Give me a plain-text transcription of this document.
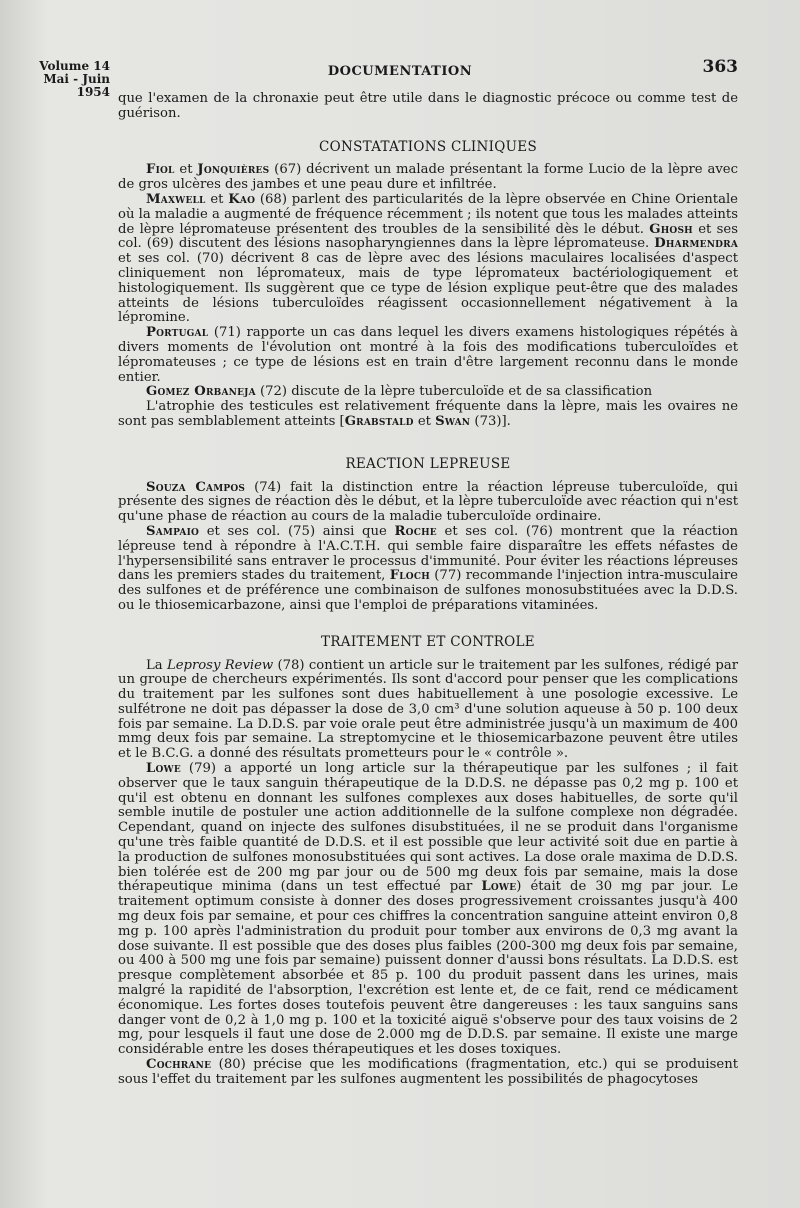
Volume 14
Mai - Juin 1954
DOCUMENTATION	363

que l'examen de la chronaxie peut être utile dans le diagnostic précoce ou comme test de guérison.

CONSTATATIONS CLINIQUES

Fiol et Jonquières (67) décrivent un malade présentant la forme Lucio de la lèpre avec de gros ulcères des jambes et une peau dure et infiltrée.

Maxwell et Kao (68) parlent des particularités de la lèpre observée en Chine Orientale où la maladie a augmenté de fréquence récemment ; ils notent que tous les malades atteints de lèpre lépromateuse présentent des troubles de la sensibilité dès le début. Ghosh et ses col. (69) discutent des lésions nasopharyngiennes dans la lèpre lépromateuse. Dharmendra et ses col. (70) décrivent 8 cas de lèpre avec des lésions maculaires localisées d'aspect cliniquement non lépromateux, mais de type lépromateux bactériologiquement et histologiquement. Ils suggèrent que ce type de lésion explique peut-être que des malades atteints de lésions tuberculoïdes réagissent occasionnellement négativement à la lépromine.

Portugal (71) rapporte un cas dans lequel les divers examens histologiques répétés à divers moments de l'évolution ont montré à la fois des modifications tuberculoïdes et lépromateuses ; ce type de lésions est en train d'être largement reconnu dans le monde entier.

Gomez Orbaneja (72) discute de la lèpre tuberculoïde et de sa classification

L'atrophie des testicules est relativement fréquente dans la lèpre, mais les ovaires ne sont pas semblablement atteints [Grabstald et Swan (73)].

REACTION LEPREUSE

Souza Campos (74) fait la distinction entre la réaction lépreuse tuberculoïde, qui présente des signes de réaction dès le début, et la lèpre tuberculoïde avec réaction qui n'est qu'une phase de réaction au cours de la maladie tuberculoïde ordinaire.

Sampaio et ses col. (75) ainsi que Roche et ses col. (76) montrent que la réaction lépreuse tend à répondre à l'A.C.T.H. qui semble faire disparaître les effets néfastes de l'hypersensibilité sans entraver le processus d'immunité. Pour éviter les réactions lépreuses dans les premiers stades du traitement, Floch (77) recommande l'injection intra-musculaire des sulfones et de préférence une combinaison de sulfones monosubstituées avec la D.D.S. ou le thiosemicarbazone, ainsi que l'emploi de préparations vitaminées.

TRAITEMENT ET CONTROLE

La Leprosy Review (78) contient un article sur le traitement par les sulfones, rédigé par un groupe de chercheurs expérimentés. Ils sont d'accord pour penser que les complications du traitement par les sulfones sont dues habituellement à une posologie excessive. Le sulfétrone ne doit pas dépasser la dose de 3,0 cm³ d'une solution aqueuse à 50 p. 100 deux fois par semaine. La D.D.S. par voie orale peut être administrée jusqu'à un maximum de 400 mmg deux fois par semaine. La streptomycine et le thiosemicarbazone peuvent être utiles et le B.C.G. a donné des résultats prometteurs pour le « contrôle ».

Lowe (79) a apporté un long article sur la thérapeutique par les sulfones ; il fait observer que le taux sanguin thérapeutique de la D.D.S. ne dépasse pas 0,2 mg p. 100 et qu'il est obtenu en donnant les sulfones complexes aux doses habituelles, de sorte qu'il semble inutile de postuler une action additionnelle de la sulfone complexe non dégradée. Cependant, quand on injecte des sulfones disubstituées, il ne se produit dans l'organisme qu'une très faible quantité de D.D.S. et il est possible que leur activité soit due en partie à la production de sulfones monosubstituées qui sont actives. La dose orale maxima de D.D.S. bien tolérée est de 200 mg par jour ou de 500 mg deux fois par semaine, mais la dose thérapeutique minima (dans un test effectué par Lowe) était de 30 mg par jour. Le traitement optimum consiste à donner des doses progressivement croissantes jusqu'à 400 mg deux fois par semaine, et pour ces chiffres la concentration sanguine atteint environ 0,8 mg p. 100 après l'administration du produit pour tomber aux environs de 0,3 mg avant la dose suivante. Il est possible que des doses plus faibles (200-300 mg deux fois par semaine, ou 400 à 500 mg une fois par semaine) puissent donner d'aussi bons résultats. La D.D.S. est presque complètement absorbée et 85 p. 100 du produit passent dans les urines, mais malgré la rapidité de l'absorption, l'excrétion est lente et, de ce fait, rend ce médicament économique. Les fortes doses toutefois peuvent être dangereuses : les taux sanguins sans danger vont de 0,2 à 1,0 mg p. 100 et la toxicité aiguë s'observe pour des taux voisins de 2 mg, pour lesquels il faut une dose de 2.000 mg de D.D.S. par semaine. Il existe une marge considérable entre les doses thérapeutiques et les doses toxiques.

Cochrane (80) précise que les modifications (fragmentation, etc.) qui se produisent sous l'effet du traitement par les sulfones augmentent les possibilités de phagocytoses
